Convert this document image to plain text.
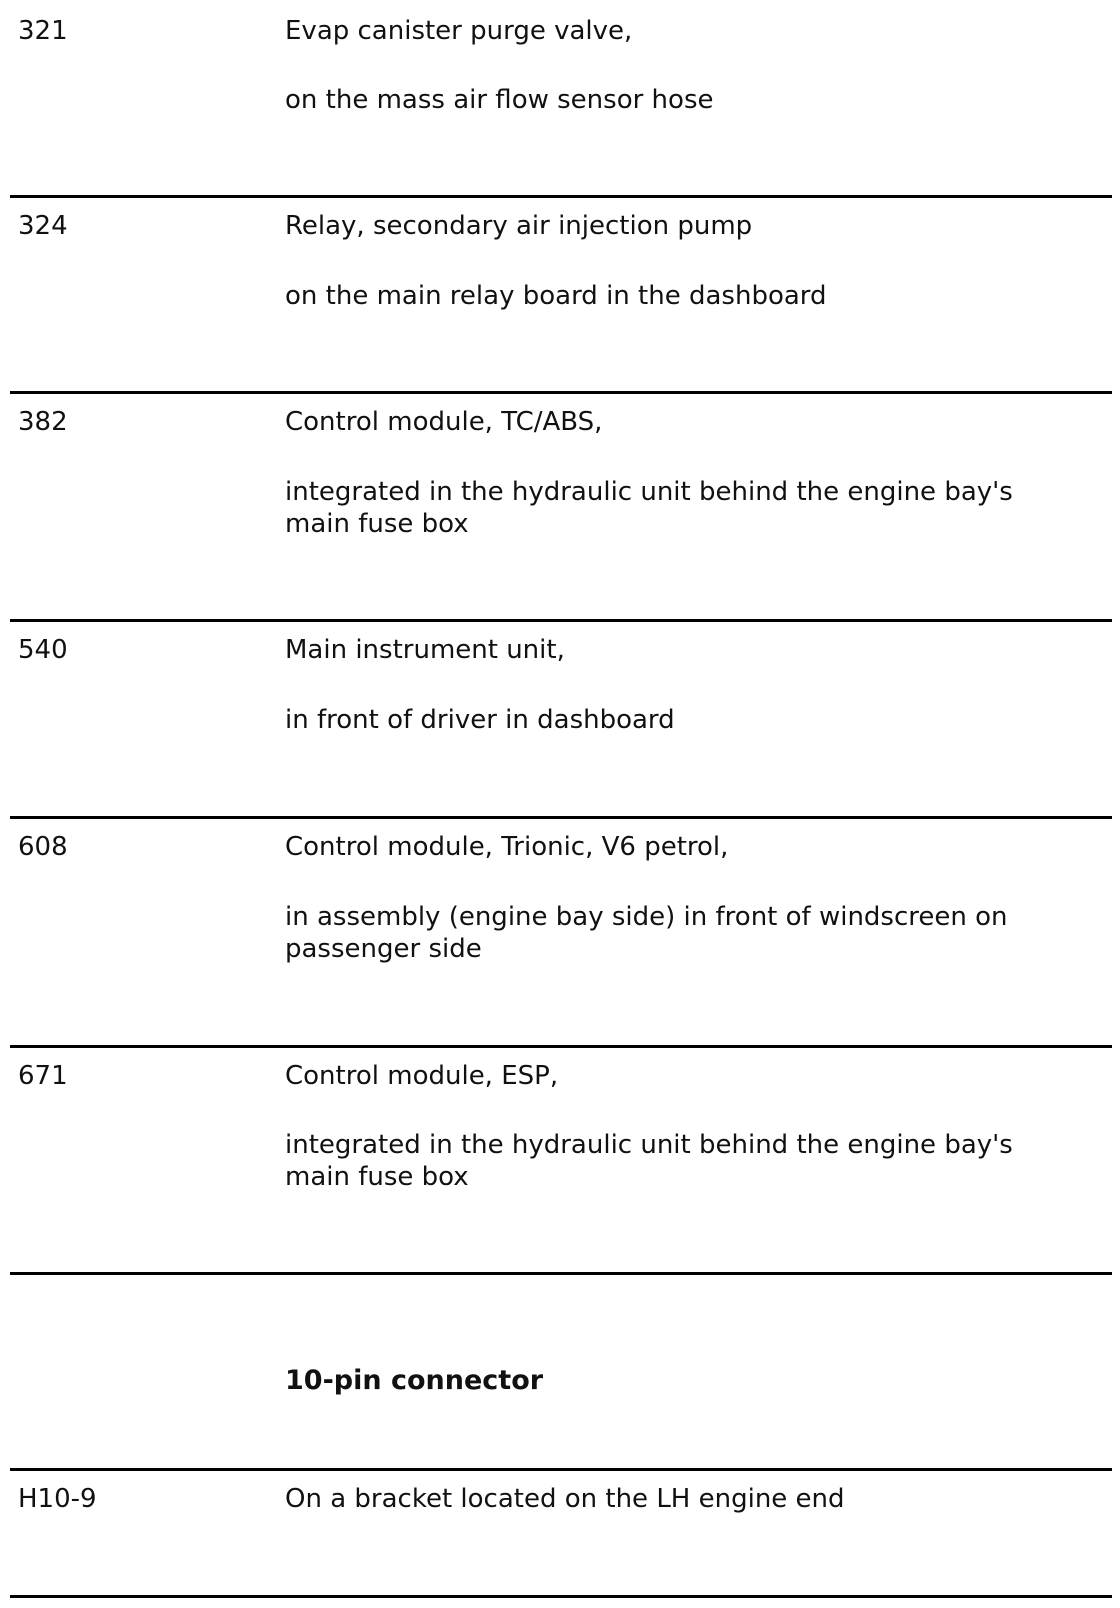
321	Evap canister purge valve,
on the mass air flow sensor hose
324	Relay, secondary air injection pump
on the main relay board in the dashboard
382	Control module, TC/ABS,
integrated in the hydraulic unit behind the engine bay's main fuse box
540	Main instrument unit,
in front of driver in dashboard
608	Control module, Trionic, V6 petrol,
in assembly (engine bay side) in front of windscreen on passenger side
671	Control module, ESP,
integrated in the hydraulic unit behind the engine bay's main fuse box
10-pin connector
H10-9	On a bracket located on the LH engine end
